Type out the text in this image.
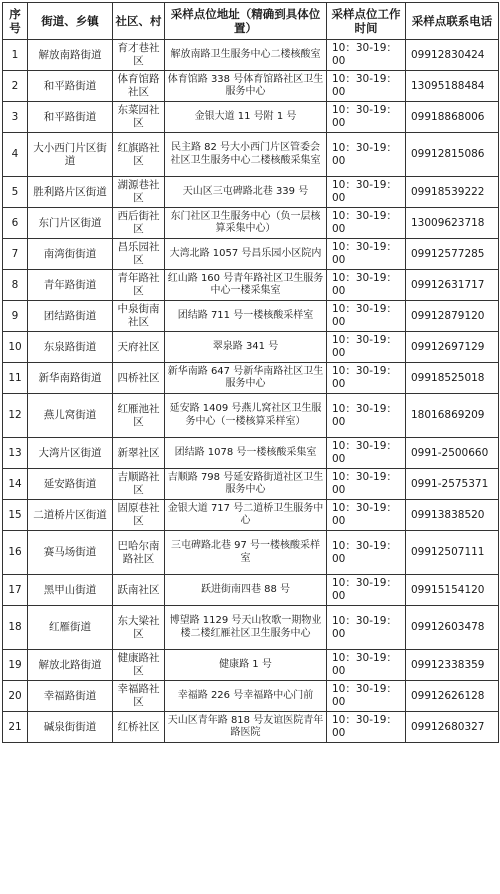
序号	街道、乡镇	社区、村	采样点位地址（精确到具体位置）	采样点位工作时间	采样点联系电话
1	解放南路街道	育才巷社区	解放南路卫生服务中心二楼核酸室	10：30-19：00	09912830424
2	和平路街道	体育馆路社区	体育馆路 338 号体育馆路社区卫生服务中心	10：30-19：00	13095188484
3	和平路街道	东菜园社区	金银大道 11 号附 1 号	10：30-19：00	09918868006
4	大小西门片区街道	红旗路社区	民主路 82 号大小西门片区管委会社区卫生服务中心二楼核酸采集室	10：30-19：00	09912815086
5	胜利路片区街道	湖源巷社区	天山区三屯碑路北巷 339 号	10：30-19：00	09918539222
6	东门片区街道	西后街社区	东门社区卫生服务中心（负一层核算采集中心）	10：30-19：00	13009623718
7	南湾街街道	昌乐园社区	大湾北路 1057 号昌乐园小区院内	10：30-19：00	09912577285
8	青年路街道	青年路社区	红山路 160 号青年路社区卫生服务中心一楼采集室	10：30-19：00	09912631717
9	团结路街道	中泉街南社区	团结路 711 号一楼核酸采样室	10：30-19：00	09912879120
10	东泉路街道	天府社区	翠泉路 341 号	10：30-19：00	09912697129
11	新华南路街道	四桥社区	新华南路 647 号新华南路社区卫生服务中心	10：30-19：00	09918525018
12	燕儿窝街道	红雁池社区	延安路 1409 号燕儿窝社区卫生服务中心（一楼核算采样室）	10：30-19：00	18016869209
13	大湾片区街道	新翠社区	团结路 1078 号一楼核酸采集室	10：30-19：00	0991-2500660
14	延安路街道	吉顺路社区	吉顺路 798 号延安路街道社区卫生服务中心	10：30-19：00	0991-2575371
15	二道桥片区街道	固原巷社区	金银大道 717 号二道桥卫生服务中心	10：30-19：00	09913838520
16	赛马场街道	巴哈尔南路社区	三屯碑路北巷 97 号一楼核酸采样室	10：30-19：00	09912507111
17	黑甲山街道	跃南社区	跃进街南四巷 88 号	10：30-19：00	09915154120
18	红雁街道	东大梁社区	博望路 1129 号天山牧歌一期物业楼二楼红雁社区卫生服务中心	10：30-19：00	09912603478
19	解放北路街道	健康路社区	健康路 1 号	10：30-19：00	09912338359
20	幸福路街道	幸福路社区	幸福路 226 号幸福路中心门前	10：30-19：00	09912626128
21	碱泉街街道	红桥社区	天山区青年路 818 号友谊医院青年路医院	10：30-19：00	09912680327
